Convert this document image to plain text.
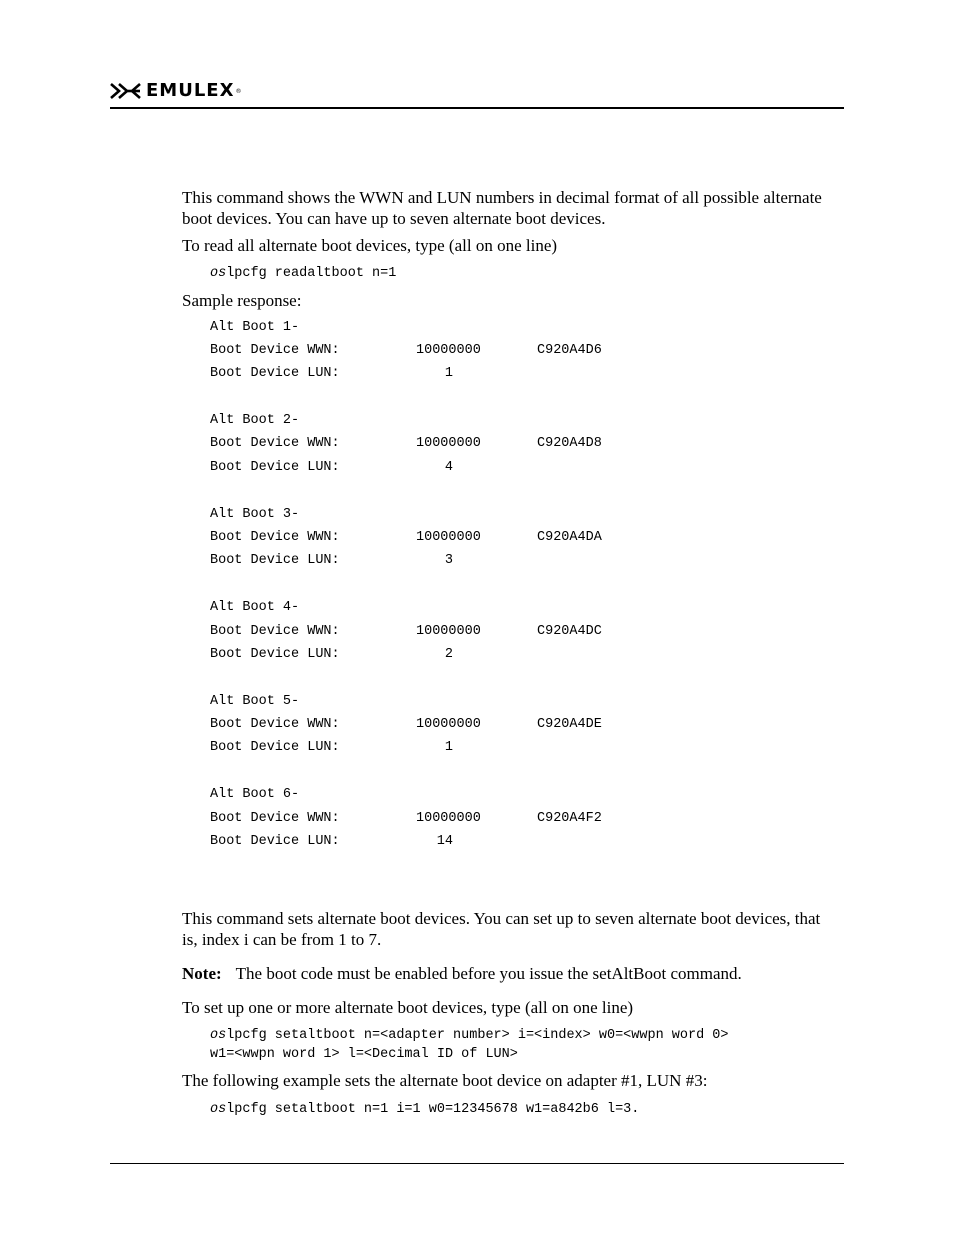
EMULEX ®

This command shows the WWN and LUN numbers in decimal format of all possible alternate boot devices. You can have up to seven alternate boot devices.

To read all alternate boot devices, type (all on one line)

oslpcfg readaltboot n=1

Sample response:

Alt Boot 1-
Boot Device WWN:	10000000	C920A4D6
Boot Device LUN:	1
Alt Boot 2-
Boot Device WWN:	10000000	C920A4D8
Boot Device LUN:	4
Alt Boot 3-
Boot Device WWN:	10000000	C920A4DA
Boot Device LUN:	3
Alt Boot 4-
Boot Device WWN:	10000000	C920A4DC
Boot Device LUN:	2
Alt Boot 5-
Boot Device WWN:	10000000	C920A4DE
Boot Device LUN:	1
Alt Boot 6-
Boot Device WWN:	10000000	C920A4F2
Boot Device LUN:	14

This command sets alternate boot devices. You can set up to seven alternate boot devices, that is, index i can be from 1 to 7.

Note: The boot code must be enabled before you issue the setAltBoot command.

To set up one or more alternate boot devices, type (all on one line)

oslpcfg setaltboot n=<adapter number> i=<index> w0=<wwpn word 0>
w1=<wwpn word 1> l=<Decimal ID of LUN>

The following example sets the alternate boot device on adapter #1, LUN #3:

oslpcfg setaltboot n=1 i=1 w0=12345678 w1=a842b6 l=3.
